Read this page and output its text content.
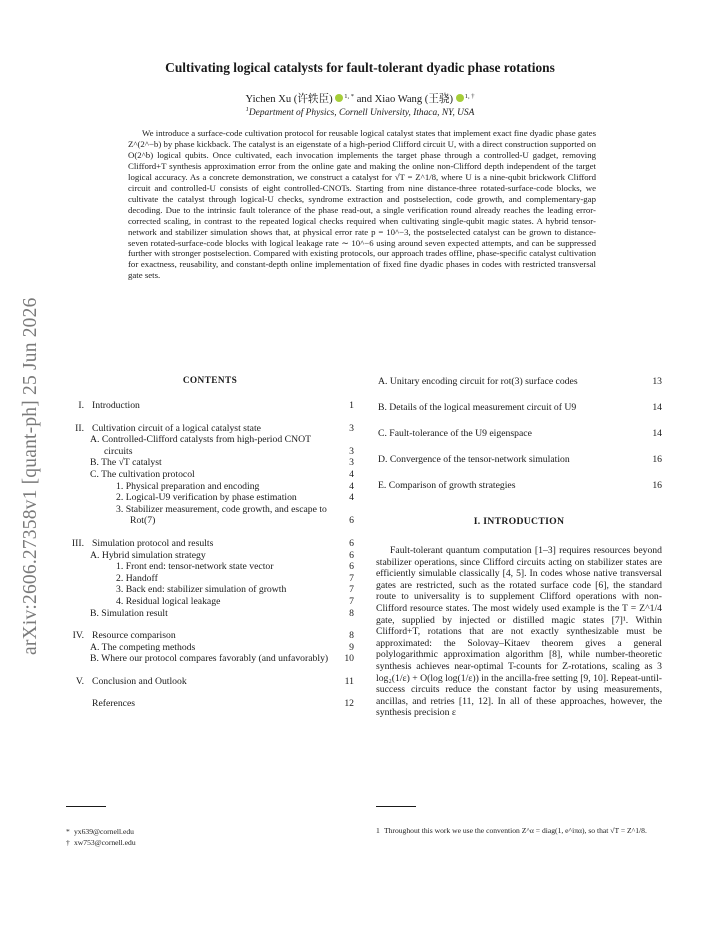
arXiv:2606.27358v1 [quant-ph] 25 Jun 2026
Cultivating logical catalysts for fault-tolerant dyadic phase rotations
Yichen Xu (许轶臣) $^{1, *}$ and Xiao Wang (王骁) $^{1, \dagger}$
$^1$Department of Physics, Cornell University, Ithaca, NY, USA

We introduce a surface-code cultivation protocol for reusable logical catalyst states that implement exact fine dyadic phase gates Z^(2^−b) by phase kickback. The catalyst is an eigenstate of a high-period Clifford circuit U, with a direct construction supported on O(2^b) logical qubits. Once cultivated, each invocation implements the target phase through a controlled-U gadget, removing Clifford+T synthesis approximation error from the online gate and making the online non-Clifford depth independent of the target logical accuracy. As a concrete demonstration, we construct a catalyst for √T = Z^1/8, where U is a nine-qubit brickwork Clifford circuit and controlled-U consists of eight controlled-CNOTs. Starting from nine distance-three rotated-surface-code blocks, we cultivate the catalyst through logical-U checks, syndrome extraction and postselection, code growth, and complementary-gap decoding. Due to the intrinsic fault tolerance of the phase read-out, a single verification round already reaches the leading error-corrected scaling, in contrast to the repeated logical checks required when cultivating single-qubit magic states. A hybrid tensor-network and stabilizer simulation shows that, at physical error rate p = 10^−3, the postselected catalyst can be grown to distance-seven rotated-surface-code blocks with logical leakage rate ∼ 10^−6 using around seven expected attempts, and can be suppressed further with stronger postselection. Compared with existing protocols, our approach trades offline, phase-specific catalyst cultivation for exactness, reusability, and constant-depth online implementation of fixed fine dyadic phases in codes with restricted transversal gate sets.

CONTENTS
I. Introduction	1
II. Cultivation circuit of a logical catalyst state	3
A. Controlled-Clifford catalysts from high-period CNOT circuits	3
B. The √T catalyst	3
C. The cultivation protocol	4
1. Physical preparation and encoding	4
2. Logical-U9 verification by phase estimation	4
3. Stabilizer measurement, code growth, and escape to Rot(7)	6
III. Simulation protocol and results	6
A. Hybrid simulation strategy	6
1. Front end: tensor-network state vector	6
2. Handoff	7
3. Back end: stabilizer simulation of growth	7
4. Residual logical leakage	7
B. Simulation result	8
IV. Resource comparison	8
A. The competing methods	9
B. Where our protocol compares favorably (and unfavorably)	10
V. Conclusion and Outlook	11
References	12
A. Unitary encoding circuit for rot(3) surface codes	13
B. Details of the logical measurement circuit of U9	14
C. Fault-tolerance of the U9 eigenspace	14
D. Convergence of the tensor-network simulation	16
E. Comparison of growth strategies	16
I. INTRODUCTION

Fault-tolerant quantum computation [1–3] requires resources beyond stabilizer operations, since Clifford circuits acting on stabilizer states are efficiently simulable classically [4, 5]. In codes whose native transversal gates are restricted, such as the rotated surface code [6], the standard route to universality is to supplement Clifford operations with non-Clifford resource states. The most widely used example is the T = Z^1/4 gate, supplied by injected or distilled magic states [7]¹. Within Clifford+T, rotations that are not exactly synthesizable must be approximated: the Solovay–Kitaev theorem gives a general polylogarithmic approximation algorithm [8], while number-theoretic synthesis achieves near-optimal T-counts for Z-rotations, scaling as 3 log₂(1/ε) + O(log log(1/ε)) in the ancilla-free setting [9, 10]. Repeat-until-success circuits reduce the constant factor by using measurements, ancillas, and retries [11, 12]. In all of these approaches, however, the synthesis precision ε

* yx639@cornell.edu
† xw753@cornell.edu
1 Throughout this work we use the convention Z^α = diag(1, e^iπα), so that √T = Z^1/8.
